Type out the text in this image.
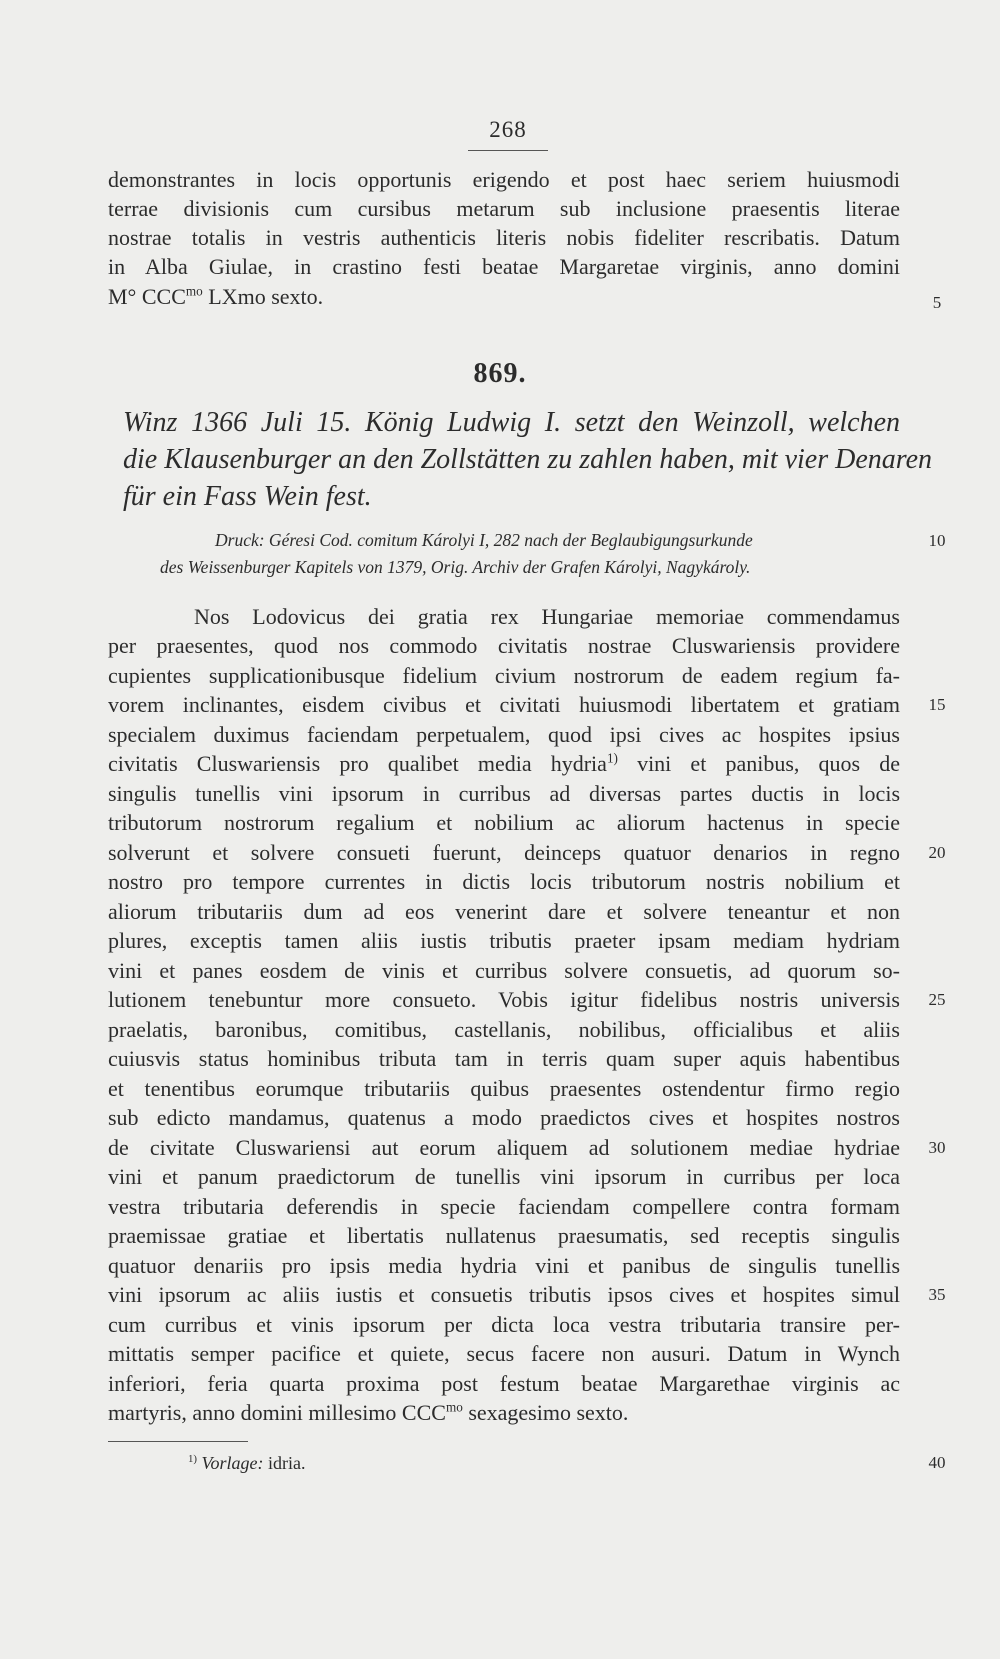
268
demonstrantes in locis opportunis erigendo et post haec seriem huiusmodi
terrae divisionis cum cursibus metarum sub inclusione praesentis literae
nostrae totalis in vestris authenticis literis nobis fideliter rescribatis. Datum
in Alba Giulae, in crastino festi beatae Margaretae virginis, anno domini
M° $CCC^{mo}$ LXmo sexto.	5
869.
Winz 1366 Juli 15. König Ludwig I. setzt den Weinzoll, welchen
die Klausenburger an den Zollstätten zu zahlen haben, mit vier Denaren
für ein Fass Wein fest.
Druck: Géresi Cod. comitum Károlyi I, 282 nach der Beglaubigungsurkunde
des Weissenburger Kapitels von 1379, Orig. Archiv der Grafen Károlyi, Nagykároly.
10
Nos Lodovicus dei gratia rex Hungariae memoriae commendamus
per praesentes, quod nos commodo civitatis nostrae Cluswariensis providere
cupientes supplicationibusque fidelium civium nostrorum de eadem regium fa-
vorem inclinantes, eisdem civibus et civitati huiusmodi libertatem et gratiam	15
specialem duximus faciendam perpetualem, quod ipsi cives ac hospites ipsius
civitatis Cluswariensis pro qualibet media hydria$^{1)}$ vini et panibus, quos de
singulis tunellis vini ipsorum in curribus ad diversas partes ductis in locis
tributorum nostrorum regalium et nobilium ac aliorum hactenus in specie
solverunt et solvere consueti fuerunt, deinceps quatuor denarios in regno	20
nostro pro tempore currentes in dictis locis tributorum nostris nobilium et
aliorum tributariis dum ad eos venerint dare et solvere teneantur et non
plures, exceptis tamen aliis iustis tributis praeter ipsam mediam hydriam
vini et panes eosdem de vinis et curribus solvere consuetis, ad quorum so-
lutionem tenebuntur more consueto. Vobis igitur fidelibus nostris universis	25
praelatis, baronibus, comitibus, castellanis, nobilibus, officialibus et aliis
cuiusvis status hominibus tributa tam in terris quam super aquis habentibus
et tenentibus eorumque tributariis quibus praesentes ostendentur firmo regio
sub edicto mandamus, quatenus a modo praedictos cives et hospites nostros
de civitate Cluswariensi aut eorum aliquem ad solutionem mediae hydriae	30
vini et panum praedictorum de tunellis vini ipsorum in curribus per loca
vestra tributaria deferendis in specie faciendam compellere contra formam
praemissae gratiae et libertatis nullatenus praesumatis, sed receptis singulis
quatuor denariis pro ipsis media hydria vini et panibus de singulis tunellis
vini ipsorum ac aliis iustis et consuetis tributis ipsos cives et hospites simul	35
cum curribus et vinis ipsorum per dicta loca vestra tributaria transire per-
mittatis semper pacifice et quiete, secus facere non ausuri. Datum in Wynch
inferiori, feria quarta proxima post festum beatae Margarethae virginis ac
martyris, anno domini millesimo $CCC^{mo}$ sexagesimo sexto.
$^{1)}$ Vorlage: idria.	40
